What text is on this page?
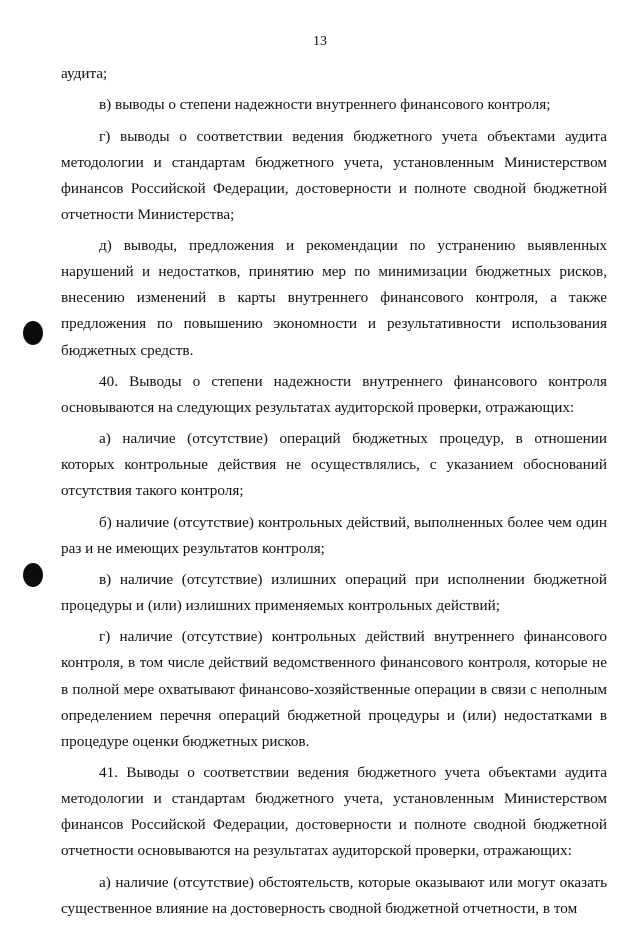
13

аудита;

в) выводы о степени надежности внутреннего финансового контроля;

г) выводы о соответствии ведения бюджетного учета объектами аудита методологии и стандартам бюджетного учета, установленным Министерством финансов Российской Федерации, достоверности и полноте сводной бюджетной отчетности Министерства;

д) выводы, предложения и рекомендации по устранению выявленных нарушений и недостатков, принятию мер по минимизации бюджетных рисков, внесению изменений в карты внутреннего финансового контроля, а также предложения по повышению экономности и результативности использования бюджетных средств.

40. Выводы о степени надежности внутреннего финансового контроля основываются на следующих результатах аудиторской проверки, отражающих:

а) наличие (отсутствие) операций бюджетных процедур, в отношении которых контрольные действия не осуществлялись, с указанием обоснований отсутствия такого контроля;

б) наличие (отсутствие) контрольных действий, выполненных более чем один раз и не имеющих результатов контроля;

в) наличие (отсутствие) излишних операций при исполнении бюджетной процедуры и (или) излишних применяемых контрольных действий;

г) наличие (отсутствие) контрольных действий внутреннего финансового контроля, в том числе действий ведомственного финансового контроля, которые не в полной мере охватывают финансово-хозяйственные операции в связи с неполным определением перечня операций бюджетной процедуры и (или) недостатками в процедуре оценки бюджетных рисков.

41. Выводы о соответствии ведения бюджетного учета объектами аудита методологии и стандартам бюджетного учета, установленным Министерством финансов Российской Федерации, достоверности и полноте сводной бюджетной отчетности основываются на результатах аудиторской проверки, отражающих:

а) наличие (отсутствие) обстоятельств, которые оказывают или могут оказать существенное влияние на достоверность сводной бюджетной отчетности, в том
